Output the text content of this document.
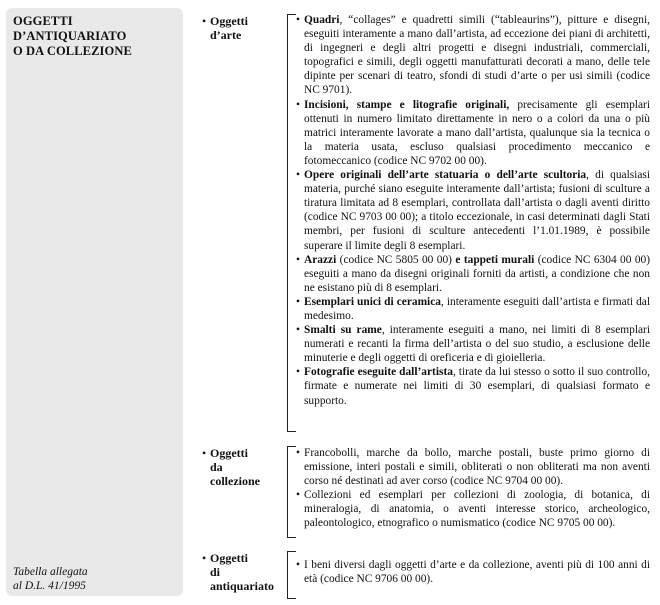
OGGETTI
D’ANTIQUARIATO
O DA COLLEZIONE
Tabella allegata
al D.L. 41/1995
• Oggetti
d’arte
• Quadri, “collages” e quadretti simili (“tableaurins”), pitture e disegni, eseguiti interamente a mano dall’artista, ad eccezione dei piani di architetti, di ingegneri e degli altri progetti e disegni industriali, commerciali, topografici e simili, degli oggetti manufatturati decorati a mano, delle tele dipinte per scenari di teatro, sfondi di studi d’arte o per usi simili (codice NC 9701).
• Incisioni, stampe e litografie originali, precisamente gli esemplari ottenuti in numero limitato direttamente in nero o a colori da una o più matrici interamente lavorate a mano dall’artista, qualunque sia la tecnica o la materia usata, escluso qualsiasi procedimento meccanico e fotomeccanico (codice NC 9702 00 00).
• Opere originali dell’arte statuaria o dell’arte scultoria, di qualsiasi materia, purché siano eseguite interamente dall’artista; fusioni di sculture a tiratura limitata ad 8 esemplari, controllata dall’artista o dagli aventi diritto (codice NC 9703 00 00); a titolo eccezionale, in casi determinati dagli Stati membri, per fusioni di sculture antecedenti l’1.01.1989, è possibile superare il limite degli 8 esemplari.
• Arazzi (codice NC 5805 00 00) e tappeti murali (codice NC 6304 00 00) eseguiti a mano da disegni originali forniti da artisti, a condizione che non ne esistano più di 8 esemplari.
• Esemplari unici di ceramica, interamente eseguiti dall’artista e firmati dal medesimo.
• Smalti su rame, interamente eseguiti a mano, nei limiti di 8 esemplari numerati e recanti la firma dell’artista o del suo studio, a esclusione delle minuterie e degli oggetti di oreficeria e di gioielleria.
• Fotografie eseguite dall’artista, tirate da lui stesso o sotto il suo controllo, firmate e numerate nei limiti di 30 esemplari, di qualsiasi formato e supporto.
• Oggetti
da
collezione
• Francobolli, marche da bollo, marche postali, buste primo giorno di emissione, interi postali e simili, obliterati o non obliterati ma non aventi corso né destinati ad aver corso (codice NC 9704 00 00).
• Collezioni ed esemplari per collezioni di zoologia, di botanica, di mineralogia, di anatomia, o aventi interesse storico, archeologico, paleontologico, etnografico o numismatico (codice NC 9705 00 00).
• Oggetti
di
antiquariato
• I beni diversi dagli oggetti d’arte e da collezione, aventi più di 100 anni di età (codice NC 9706 00 00).
